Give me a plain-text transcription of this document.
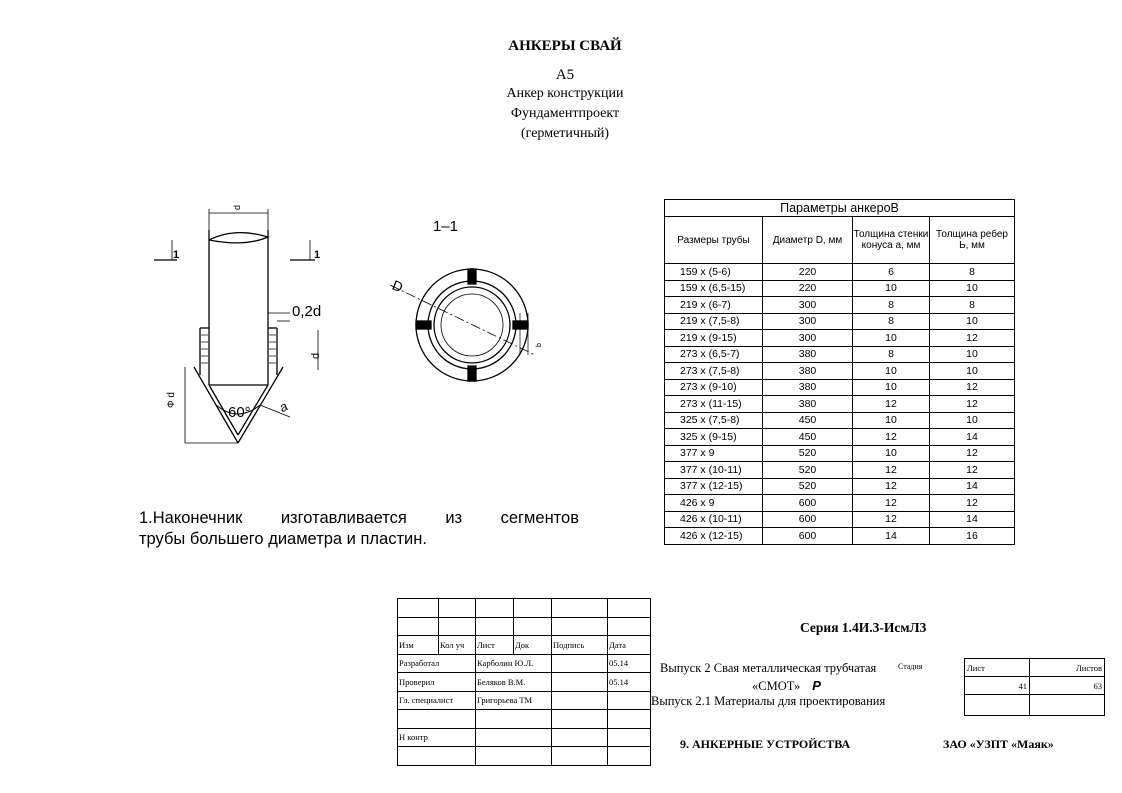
АНКЕРЫ СВАЙ
А5
Анкер конструкции
Фундаментпроект
(герметичный)
1	1
1–1
d
0,2d
d
60° a
Ф d
D
b
1.Наконечник изготавливается из сегментов
трубы большего диаметра и пластин.
Параметры анкероВ			
Размеры трубы	Диаметр D, мм	Толщина стенки конуса а, мм	Толщина ребер Ь, мм
159 х (5-6)	220	6	8
159 х (6,5-15)	220	10	10
219 х (6-7)	300	8	8
219 х (7,5-8)	300	8	10
219 х (9-15)	300	10	12
273 х (6,5-7)	380	8	10
273 х (7,5-8)	380	10	10
273 х (9-10)	380	10	12
273 х (11-15)	380	12	12
325 х (7,5-8)	450	10	10
325 х (9-15)	450	12	14
377 х 9	520	10	12
377 х (10-11)	520	12	12
377 х (12-15)	520	12	14
426 х 9	600	12	12
426 х (10-11)	600	12	14
426 х (12-15)	600	14	16

Изм	Кол уч	Лист	Док	Подпись	Дата
Разработал		Карболин Ю.Л.			05.14
Проверил		Беляков В.М.			05.14
Гл. специалист		Григорьева ТМ			

Н контр					

Серия 1.4И.3-ИсмЛ3
Выпуск 2 Свая металлическая трубчатая
«СМОТ» Р
Выпуск 2.1 Материалы для проектирования
Стадия	Лист	Листов
41	63

9. АНКЕРНЫЕ УСТРОЙСТВА	ЗАО «УЗПТ «Маяк»
